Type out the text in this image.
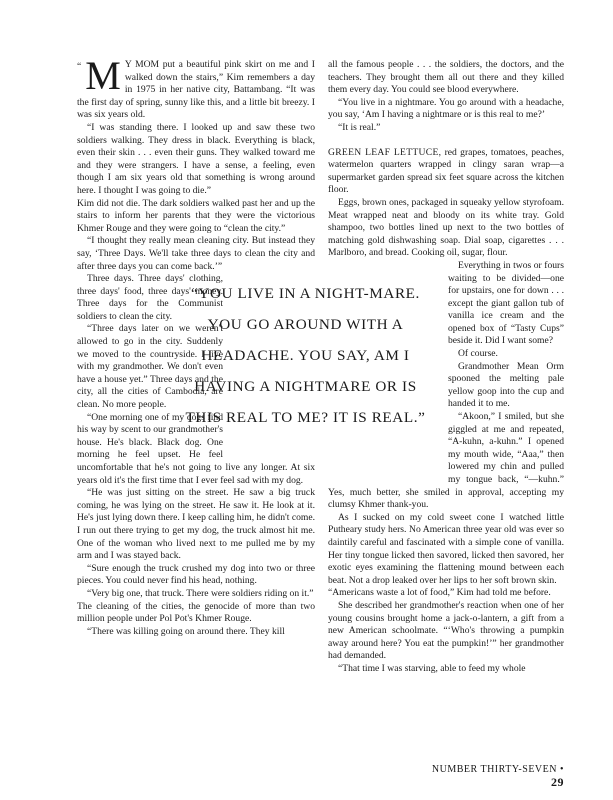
“ M Y MOM put a beautiful pink skirt on me and I walked down the stairs,” Kim remembers a day in 1975 in her native city, Battambang. “It was the first day of spring, sunny like this, and a little bit breezy. I was six years old.

“I was standing there. I looked up and saw these two soldiers walking. They dress in black. Everything is black, even their skin . . . even their guns. They walked toward me and they were strangers. I have a sense, a feeling, even though I am six years old that something is wrong around here. I thought I was going to die.”

Kim did not die. The dark soldiers walked past her and up the stairs to inform her parents that they were the victorious Khmer Rouge and they were going to “clean the city.”

“I thought they really mean cleaning city. But instead they say, ‘Three Days. We'll take three days to clean the city and after three days you can come back.’”

Three days. Three days' clothing, three days' food, three days' money. Three days for the Communist soldiers to clean the city.

“Three days later on we weren't allowed to go in the city. Suddenly we moved to the countryside. I live with my grandmother. We don't even have a house yet.” Three days and the city, all the cities of Cambodia, are clean. No more people.

“One morning one of my dogs find his way by scent to our grandmother's house. He's black. Black dog. One morning he feel upset. He feel uncomfortable that he's not going to live any longer. At six years old it's the first time that I ever feel sad with my dog.

“He was just sitting on the street. He saw a big truck coming, he was lying on the street. He saw it. He look at it. He's just lying down there. I keep calling him, he didn't come. I run out there trying to get my dog, the truck almost hit me. One of the woman who lived next to me pulled me by my arm and I was stayed back.

“Sure enough the truck crushed my dog into two or three pieces. You could never find his head, nothing.

“Very big one, that truck. There were soldiers riding on it.”

The cleaning of the cities, the genocide of more than two million people under Pol Pot's Khmer Rouge.

“There was killing going on around there. They kill

all the famous people . . . the soldiers, the doctors, and the teachers. They brought them all out there and they killed them every day. You could see blood everywhere.

“You live in a nightmare. You go around with a headache, you say, ‘Am I having a nightmare or is this real to me?’

“It is real.”

GREEN LEAF LETTUCE, red grapes, tomatoes, peaches, watermelon quarters wrapped in clingy saran wrap—a supermarket garden spread six feet square across the kitchen floor.

Eggs, brown ones, packaged in squeaky yellow styrofoam. Meat wrapped neat and bloody on its white tray. Gold shampoo, two bottles lined up next to the two bottles of matching gold dishwashing soap. Dial soap, cigarettes . . . Marlboro, and bread. Cooking oil, sugar, flour.

Everything in twos or fours waiting to be divided—one for upstairs, one for down . . . except the giant gallon tub of vanilla ice cream and the opened box of “Tasty Cups” beside it. Did I want some?

Of course.

Grandmother Mean Orm spooned the melting pale yellow goop into the cup and handed it to me.

“Akoon,” I smiled, but she giggled at me and repeated, “A-kuhn, a-kuhn.” I opened my mouth wide, “Aaa,” then lowered my chin and pulled my tongue back, “—kuhn.” Yes, much better, she smiled in approval, accepting my clumsy Khmer thank-you.

As I sucked on my cold sweet cone I watched little Putheary study hers. No American three year old was ever so daintily careful and fascinated with a simple cone of vanilla. Her tiny tongue licked then savored, licked then savored, her exotic eyes examining the flattening mound between each beat. Not a drop leaked over her lips to her soft brown skin.

“Americans waste a lot of food,” Kim had told me before.

She described her grandmother's reaction when one of her young cousins brought home a jack-o-lantern, a gift from a new American schoolmate. “‘Who's throwing a pumpkin away around here? You eat the pumpkin!’” her grandmother had demanded.

“That time I was starving, able to feed my whole

“YOU LIVE IN A NIGHT-MARE. YOU GO AROUND WITH A HEADACHE. YOU SAY, AM I HAVING A NIGHTMARE OR IS THIS REAL TO ME? IT IS REAL.”

NUMBER THIRTY-SEVEN • 29
